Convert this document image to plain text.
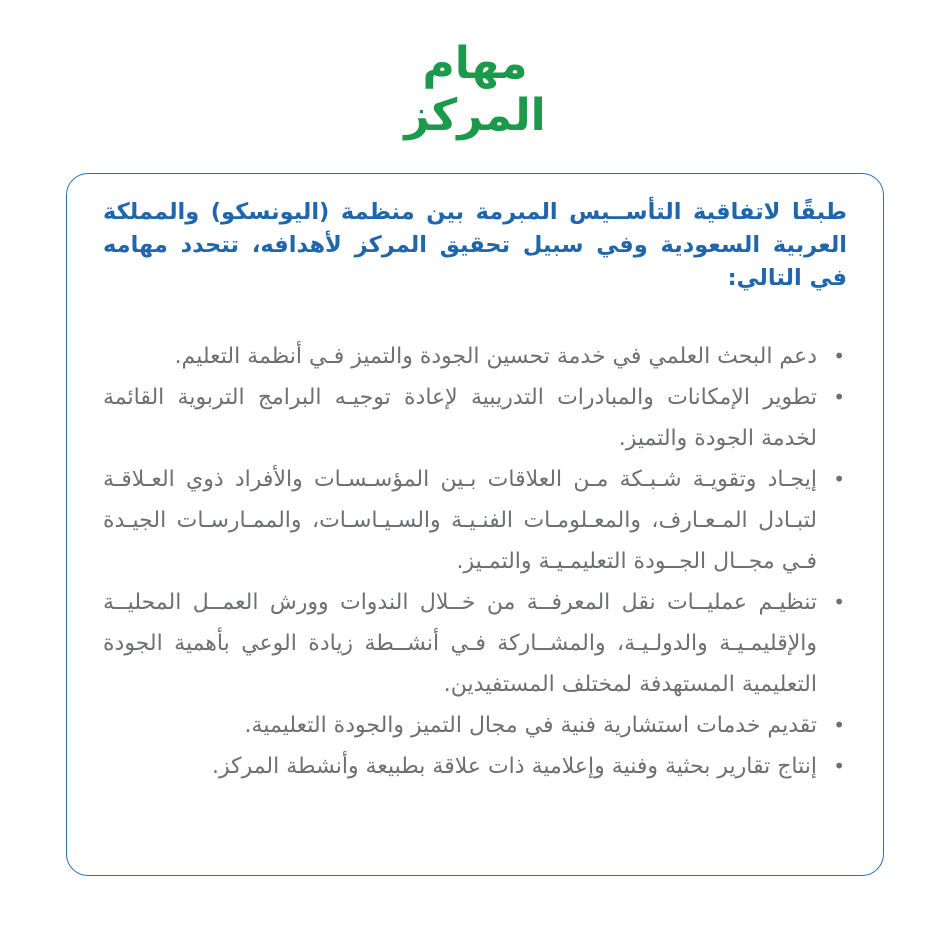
مهام
المركز

طبقًا لاتفاقية التأســيس المبرمة بين منظمة (اليونسكو) والمملكة العربية السعودية وفي سبيل تحقيق المركز لأهدافه، تتحدد مهامه في التالي:

•
دعم البحث العلمي في خدمة تحسين الجودة والتميز فـي أنظمة التعليم.
•
تطوير الإمكانات والمبادرات التدريبية لإعادة توجيـه البرامج التربوية القائمة لخدمة الجودة والتميز.
•
إيجـاد وتقويـة شـبـكة مـن العلاقات بـين المؤسـسـات والأفراد ذوي العـلاقـة لتبـادل المـعـارف، والمعـلومـات الفنـيـة والسـيـاسـات، والممـارسـات الجيـدة فـي مجــال الجــودة التعليمـيـة والتمـيز.
•
تنظيـم عمليــات نقل المعرفــة من خــلال الندوات وورش العمــل المحليــة والإقليمـيـة والدولـيـة، والمشــاركة فـي أنشــطة زيادة الوعي بأهمية الجودة التعليمية المستهدفة لمختلف المستفيدين.
•
تقديم خدمات استشارية فنية في مجال التميز والجودة التعليمية.
•
إنتاج تقارير بحثية وفنية وإعلامية ذات علاقة بطبيعة وأنشطة المركز.
